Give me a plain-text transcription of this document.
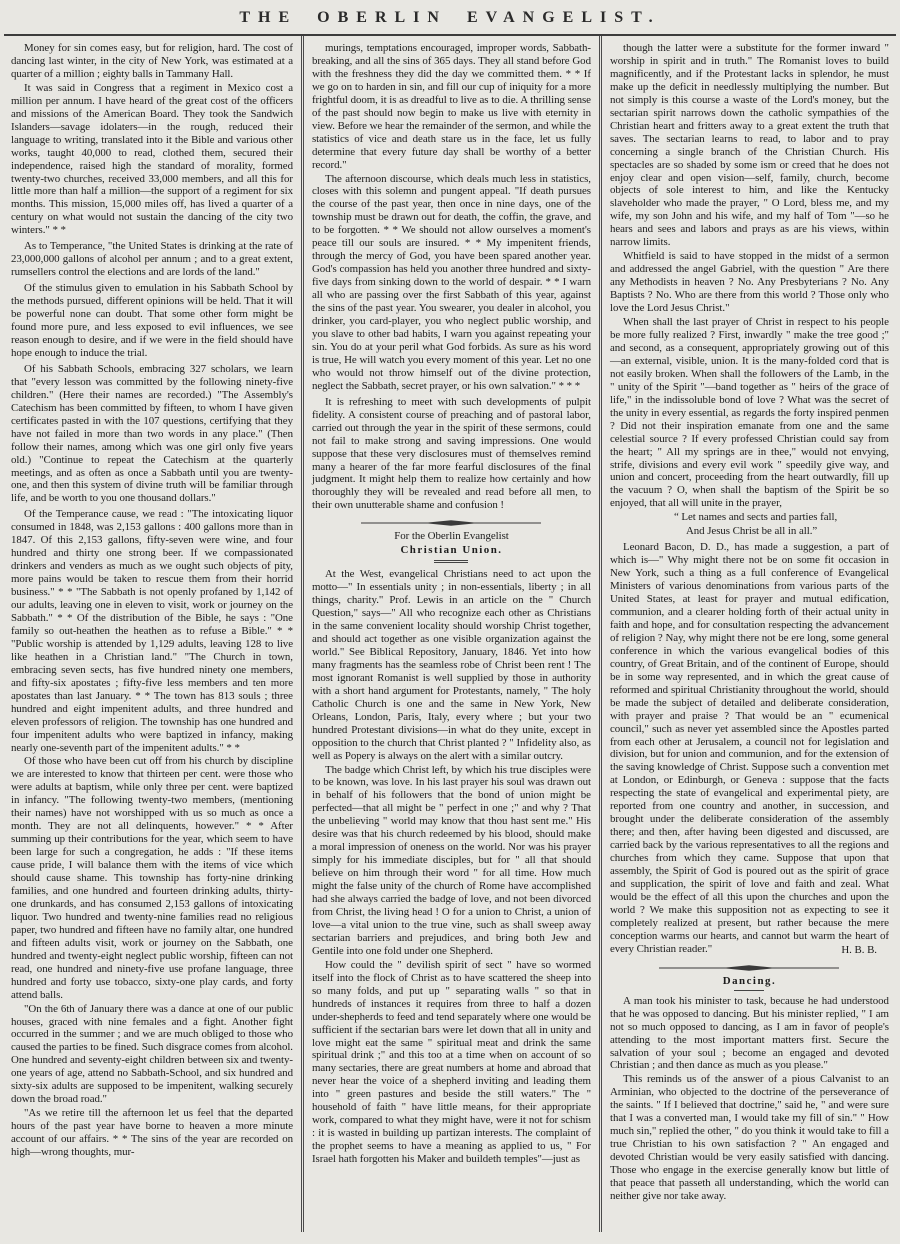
THE OBERLIN EVANGELIST.

Money for sin comes easy, but for religion, hard. The cost of dancing last winter, in the city of New York, was estimated at a quarter of a million ; eighty balls in Tammany Hall.

It was said in Congress that a regiment in Mexico cost a million per annum. I have heard of the great cost of the officers and missions of the American Board. They took the Sandwich Islanders—savage idolaters—in the rough, reduced their language to writing, translated into it the Bible and various other works, taught 40,000 to read, clothed them, secured their independence, raised high the standard of morality, formed twenty-two churches, received 33,000 members, and all this for little more than half a million—the support of a regiment for six months. This mission, 15,000 miles off, has lived a quarter of a century on what would not sustain the dancing of the city two winters." * *

As to Temperance, "the United States is drinking at the rate of 23,000,000 gallons of alcohol per annum ; and to a great extent, rumsellers control the elections and are lords of the land."

Of the stimulus given to emulation in his Sabbath School by the methods pursued, different opinions will be held. That it will be powerful none can doubt. That some other form might be found more pure, and less exposed to evil influences, we see reason enough to desire, and if we were in the field should have hope enough to induce the trial.

Of his Sabbath Schools, embracing 327 scholars, we learn that "every lesson was committed by the following ninety-five children." (Here their names are recorded.) "The Assembly's Catechism has been committed by fifteen, to whom I have given certificates pasted in with the 107 questions, certifying that they have not failed in more than two words in any place." (Then follow their names, among which was one girl only five years old.) "Continue to repeat the Catechism at the quarterly meetings, and as often as once a Sabbath until you are twenty-one, and then this system of divine truth will be familiar through life, and be worth to you one thousand dollars."

Of the Temperance cause, we read : "The intoxicating liquor consumed in 1848, was 2,153 gallons : 400 gallons more than in 1847. Of this 2,153 gallons, fifty-seven were wine, and four hundred and thirty one strong beer. If we compassionated drinkers and venders as much as we ought such objects of pity, more pains would be taken to rescue them from their horrid business." * * "The Sabbath is not openly profaned by 1,142 of our adults, leaving one in eleven to visit, work or journey on the Sabbath." * * Of the distribution of the Bible, he says : "One family so out-heathen the heathen as to refuse a Bible." * * "Public worship is attended by 1,129 adults, leaving 128 to live like heathen in a Christian land." "The Church in town, embracing seven sects, has five hundred ninety one members, and fifty-six apostates ; fifty-five less members and ten more apostates than last January. * * The town has 813 souls ; three hundred and eight impenitent adults, and three hundred and eleven professors of religion. The township has one hundred and four impenitent adults who were baptized in infancy, making nearly one-seventh part of the impenitent adults." * *

Of those who have been cut off from his church by discipline we are interested to know that thirteen per cent. were those who were adults at baptism, while only three per cent. were baptized in infancy. "The following twenty-two members, (mentioning their names) have not worshipped with us so much as once a month. They are not all delinquents, however." * * After summing up their contributions for the year, which seem to have been large for such a congregation, he adds : "If these items cause pride, I will balance them with the items of vice which should cause shame. This township has forty-nine drinking families, and one hundred and fourteen drinking adults, thirty-one drunkards, and has consumed 2,153 gallons of intoxicating liquor. Two hundred and twenty-nine families read no religious paper, two hundred and fifteen have no family altar, one hundred and fifteen adults visit, work or journey on the Sabbath, one hundred and twenty-eight neglect public worship, fifteen can not read, one hundred and ninety-five use profane language, three hundred and forty use tobacco, sixty-one play cards, and forty attend balls.

"On the 6th of January there was a dance at one of our public houses, graced with nine females and a fight. Another fight occurred in the summer ; and we are much obliged to those who caused the parties to be fined. Such disgrace comes from alcohol. One hundred and seventy-eight children between six and twenty-one years of age, attend no Sabbath-School, and six hundred and sixty-six adults are supposed to be impenitent, walking securely down the broad road."

"As we retire till the afternoon let us feel that the departed hours of the past year have borne to heaven a more minute account of our affairs. * * The sins of the year are recorded on high—wrong thoughts, mur-

murings, temptations encouraged, improper words, Sabbath-breaking, and all the sins of 365 days. They all stand before God with the freshness they did the day we committed them. * * If we go on to harden in sin, and fill our cup of iniquity for a more frightful doom, it is as dreadful to live as to die. A thrilling sense of the past should now begin to make us live with eternity in view. Before we hear the remainder of the sermon, and while the statistics of vice and death stare us in the face, let us fully determine that every future day shall be worthy of a better record."

The afternoon discourse, which deals much less in statistics, closes with this solemn and pungent appeal. "If death pursues the course of the past year, then once in nine days, one of the township must be drawn out for death, the coffin, the grave, and to be forgotten. * * We should not allow ourselves a moment's peace till our souls are insured. * * My impenitent friends, through the mercy of God, you have been spared another year. God's compassion has held you another three hundred and sixty-five days from sinking down to the world of despair. * * I warn all who are passing over the first Sabbath of this year, against the sins of the past year. You swearer, you dealer in alcohol, you drinker, you card-player, you who neglect public worship, and you slave to other bad habits, I warn you against repeating your sin. You do at your peril what God forbids. As sure as his word is true, He will watch you every moment of this year. Let no one who would not throw himself out of the divine protection, neglect the Sabbath, secret prayer, or his own salvation." * * *

It is refreshing to meet with such developments of pulpit fidelity. A consistent course of preaching and of pastoral labor, carried out through the year in the spirit of these sermons, could not fail to make strong and saving impressions. One would suppose that these very disclosures must of themselves remind many a hearer of the far more fearful disclosures of the final judgment. It might help them to realize how certainly and how thoroughly they will be revealed and read before all men, to their own unutterable shame and confusion !

For the Oberlin Evangelist

Christian Union.

At the West, evangelical Christians need to act upon the motto—" In essentials unity ; in non-essentials, liberty ; in all things, charity." Prof. Lewis in an article on the " Church Question," says—" All who recognize each other as Christians in the same convenient locality should worship Christ together, and should act together as one visible organization against the world." See Biblical Repository, January, 1846. Yet into how many fragments has the seamless robe of Christ been rent ! The most ignorant Romanist is well supplied by those in authority with a short hand argument for Protestants, namely, " The holy Catholic Church is one and the same in New York, New Orleans, London, Paris, Italy, every where ; but your two hundred Protestant divisions—in what do they unite, except in opposition to the church that Christ planted ? " Infidelity also, as well as Popery is always on the alert with a similar outcry.

The badge which Christ left, by which his true disciples were to be known, was love. In his last prayer his soul was drawn out in behalf of his followers that the bond of union might be perfected—that all might be " perfect in one ;" and why ? That the unbelieving " world may know that thou hast sent me." His desire was that his church redeemed by his blood, should make a moral impression of oneness on the world. Nor was his prayer simply for his immediate disciples, but for " all that should believe on him through their word " for all time. How much might the false unity of the church of Rome have accomplished had she always carried the badge of love, and not been divorced from Christ, the living head ! O for a union to Christ, a union of love—a vital union to the true vine, such as shall sweep away sectarian barriers and prejudices, and bring both Jew and Gentile into one fold under one Shepherd.

How could the " devilish spirit of sect " have so wormed itself into the flock of Christ as to have scattered the sheep into so many folds, and put up " separating walls " so that in hundreds of instances it requires from three to half a dozen under-shepherds to feed and tend separately where one would be sufficient if the sectarian bars were let down that all in unity and love might eat the same " spiritual meat and drink the same spiritual drink ;" and this too at a time when on account of so many sectaries, there are great numbers at home and abroad that never hear the voice of a shepherd inviting and leading them into " green pastures and beside the still waters." The " household of faith " have little means, for their appropriate work, compared to what they might have, were it not for schism : it is wasted in building up partizan interests. The complaint of the prophet seems to have a meaning as applied to us, " For Israel hath forgotten his Maker and buildeth temples"—just as

though the latter were a substitute for the former inward " worship in spirit and in truth." The Romanist loves to build magnificently, and if the Protestant lacks in splendor, he must make up the deficit in needlessly multiplying the number. But not simply is this course a waste of the Lord's money, but the sectarian spirit narrows down the catholic sympathies of the Christian heart and fritters away to a great extent the truth that saves. The sectarian learns to read, to labor and to pray concerning a single branch of the Christian Church. His spectacles are so shaded by some ism or creed that he does not enjoy clear and open vision—self, family, church, become objects of sole interest to him, and like the Kentucky slaveholder who made the prayer, " O Lord, bless me, and my wife, my son John and his wife, and my half of Tom "—so he hears and sees and labors and prays as are his views, within narrow limits.

Whitfield is said to have stopped in the midst of a sermon and addressed the angel Gabriel, with the question " Are there any Methodists in heaven ? No. Any Presbyterians ? No. Any Baptists ? No. Who are there from this world ? Those only who love the Lord Jesus Christ."

When shall the last prayer of Christ in respect to his people be more fully realized ? First, inwardly " make the tree good ;" and second, as a consequent, appropriately growing out of this—an external, visible, union. It is the many-folded cord that is not easily broken. When shall the followers of the Lamb, in the " unity of the Spirit "—band together as " heirs of the grace of life," in the indissoluble bond of love ? What was the secret of the unity in every essential, as regards the forty inspired penmen ? Did not their inspiration emanate from one and the same celestial source ? If every professed Christian could say from the heart; " All my springs are in thee," would not envying, strife, divisions and every evil work " speedily give way, and union and concert, proceeding from the heart outwardly, fill up the vacuum ? O, when shall the baptism of the Spirit be so enjoyed, that all will unite in the prayer,

“ Let names and sects and parties fall,

And Jesus Christ be all in all.”

Leonard Bacon, D. D., has made a suggestion, a part of which is—" Why might there not be on some fit occasion in New York, such a thing as a full conference of Evangelical Ministers of various denominations from various parts of the United States, at least for prayer and mutual edification, communion, and a clearer holding forth of their actual unity in faith and hope, and for consultation respecting the advancement of religion ? Nay, why might there not be ere long, some general conference in which the various evangelical bodies of this country, of Great Britain, and of the continent of Europe, should be in some way represented, and in which the great cause of reformed and spiritual Christianity throughout the world, should be made the subject of detailed and deliberate consideration, with prayer and praise ? That would be an " ecumenical council," such as never yet assembled since the Apostles parted from each other at Jerusalem, a council not for legislation and division, but for union and communion, and for the extension of the saving knowledge of Christ. Suppose such a convention met at London, or Edinburgh, or Geneva : suppose that the facts respecting the state of evangelical and experimental piety, are reported from one country and another, in succession, and brought under the deliberate consideration of the assembly there; and then, after having been digested and discussed, are carried back by the various representatives to all the regions and churches from which they came. Suppose that upon that assembly, the Spirit of God is poured out as the spirit of grace and supplication, the spirit of love and faith and zeal. What would be the effect of all this upon the churches and upon the world ? We make this supposition not as expecting to see it completely realized at present, but rather because the mere conception warms our hearts, and cannot but warm the heart of every Christian reader."	H. B. B.

Dancing.

A man took his minister to task, because he had understood that he was opposed to dancing. But his minister replied, " I am not so much opposed to dancing, as I am in favor of people's attending to the most important matters first. Secure the salvation of your soul ; become an engaged and devoted Christian ; and then dance as much as you please."

This reminds us of the answer of a pious Calvanist to an Arminian, who objected to the doctrine of the perseverance of the saints. " If I believed that doctrine," said he, " and were sure that I was a converted man, I would take my fill of sin." " How much sin," replied the other, " do you think it would take to fill a true Christian to his own satisfaction ? " An engaged and devoted Christian would be very easily satisfied with dancing. Those who engage in the exercise generally know but little of that peace that passeth all understanding, which the world can neither give nor take away.
